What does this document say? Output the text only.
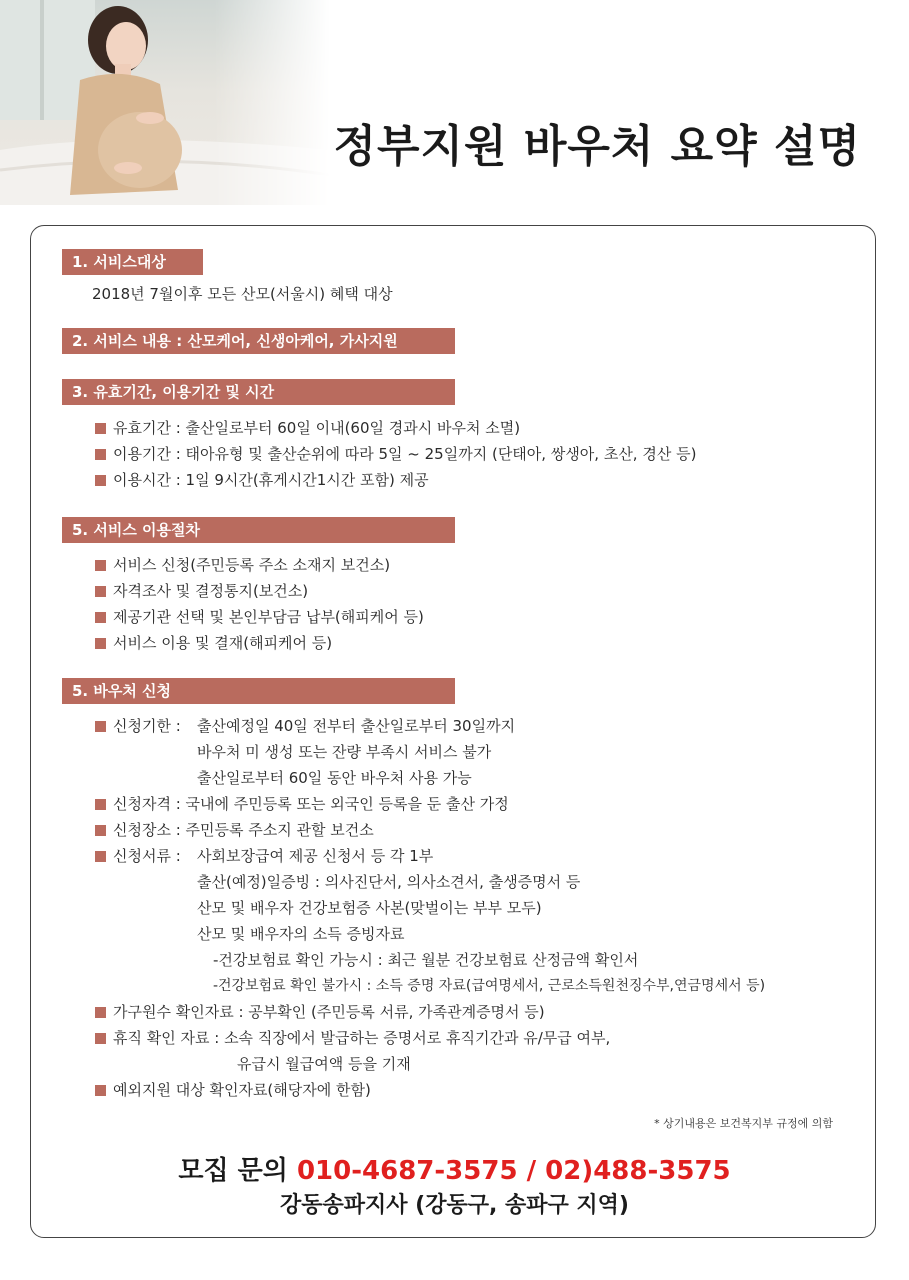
정부지원 바우처 요약 설명
1. 서비스대상
2018년 7월이후 모든 산모(서울시) 혜택 대상
2. 서비스 내용 : 산모케어, 신생아케어, 가사지원
3. 유효기간, 이용기간 및 시간
유효기간 : 출산일로부터 60일 이내(60일 경과시 바우처 소멸)
이용기간 : 태아유형 및 출산순위에 따라 5일 ~ 25일까지 (단태아, 쌍생아, 초산, 경산 등)
이용시간 : 1일 9시간(휴게시간1시간 포함) 제공
5. 서비스 이용절차
서비스 신청(주민등록 주소 소재지 보건소)
자격조사 및 결정통지(보건소)
제공기관 선택 및 본인부담금 납부(해피케어 등)
서비스 이용 및 결재(해피케어 등)
5. 바우처 신청
신청기한 : 출산예정일 40일 전부터 출산일로부터 30일까지
바우처 미 생성 또는 잔량 부족시 서비스 불가
출산일로부터 60일 동안 바우처 사용 가능
신청자격 : 국내에 주민등록 또는 외국인 등록을 둔 출산 가정
신청장소 : 주민등록 주소지 관할 보건소
신청서류 : 사회보장급여 제공 신청서 등 각 1부
출산(예정)일증빙 : 의사진단서, 의사소견서, 출생증명서 등
산모 및 배우자 건강보험증 사본(맞벌이는 부부 모두)
산모 및 배우자의 소득 증빙자료
-건강보험료 확인 가능시 : 최근 월분 건강보험료 산정금액 확인서
-건강보험료 확인 불가시 : 소득 증명 자료(급여명세서, 근로소득원천징수부,연금명세서 등)
가구원수 확인자료 : 공부확인 (주민등록 서류, 가족관계증명서 등)
휴직 확인 자료 : 소속 직장에서 발급하는 증명서로 휴직기간과 유/무급 여부,
유급시 월급여액 등을 기재
예외지원 대상 확인자료(해당자에 한함)
* 상기내용은 보건복지부 규정에 의함
모집 문의 010-4687-3575 / 02)488-3575
강동송파지사 (강동구, 송파구 지역)
